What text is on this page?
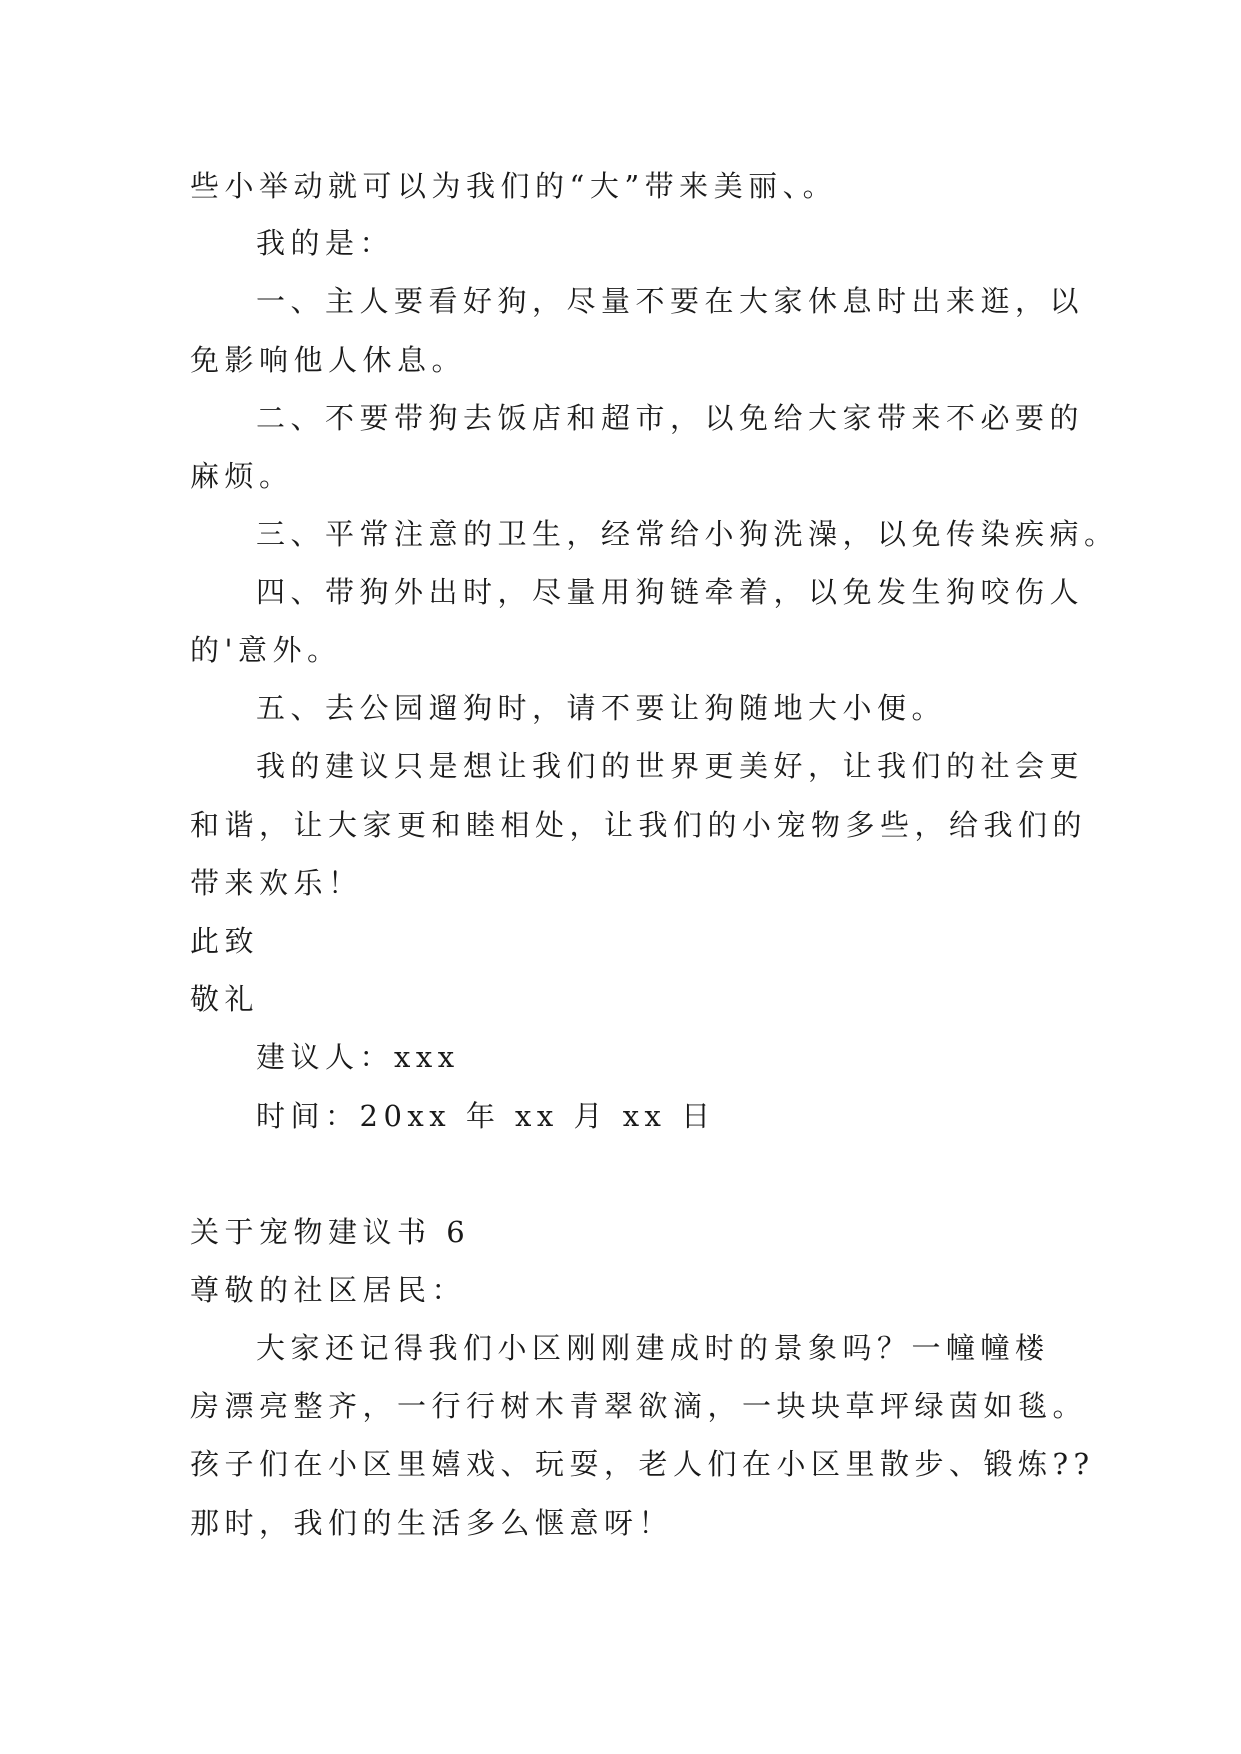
些小举动就可以为我们的“大”带来美丽、。

我的是：

一、主人要看好狗，尽量不要在大家休息时出来逛，以

免影响他人休息。

二、不要带狗去饭店和超市，以免给大家带来不必要的

麻烦。

三、平常注意的卫生，经常给小狗洗澡，以免传染疾病。

四、带狗外出时，尽量用狗链牵着，以免发生狗咬伤人

的'意外。

五、去公园遛狗时，请不要让狗随地大小便。

我的建议只是想让我们的世界更美好，让我们的社会更

和谐，让大家更和睦相处，让我们的小宠物多些，给我们的

带来欢乐！

此致

敬礼

建议人：xxx

时间：20xx 年 xx 月 xx 日

关于宠物建议书 6

尊敬的社区居民：

大家还记得我们小区刚刚建成时的景象吗？一幢幢楼

房漂亮整齐，一行行树木青翠欲滴，一块块草坪绿茵如毯。

孩子们在小区里嬉戏、玩耍，老人们在小区里散步、锻炼??

那时，我们的生活多么惬意呀！
